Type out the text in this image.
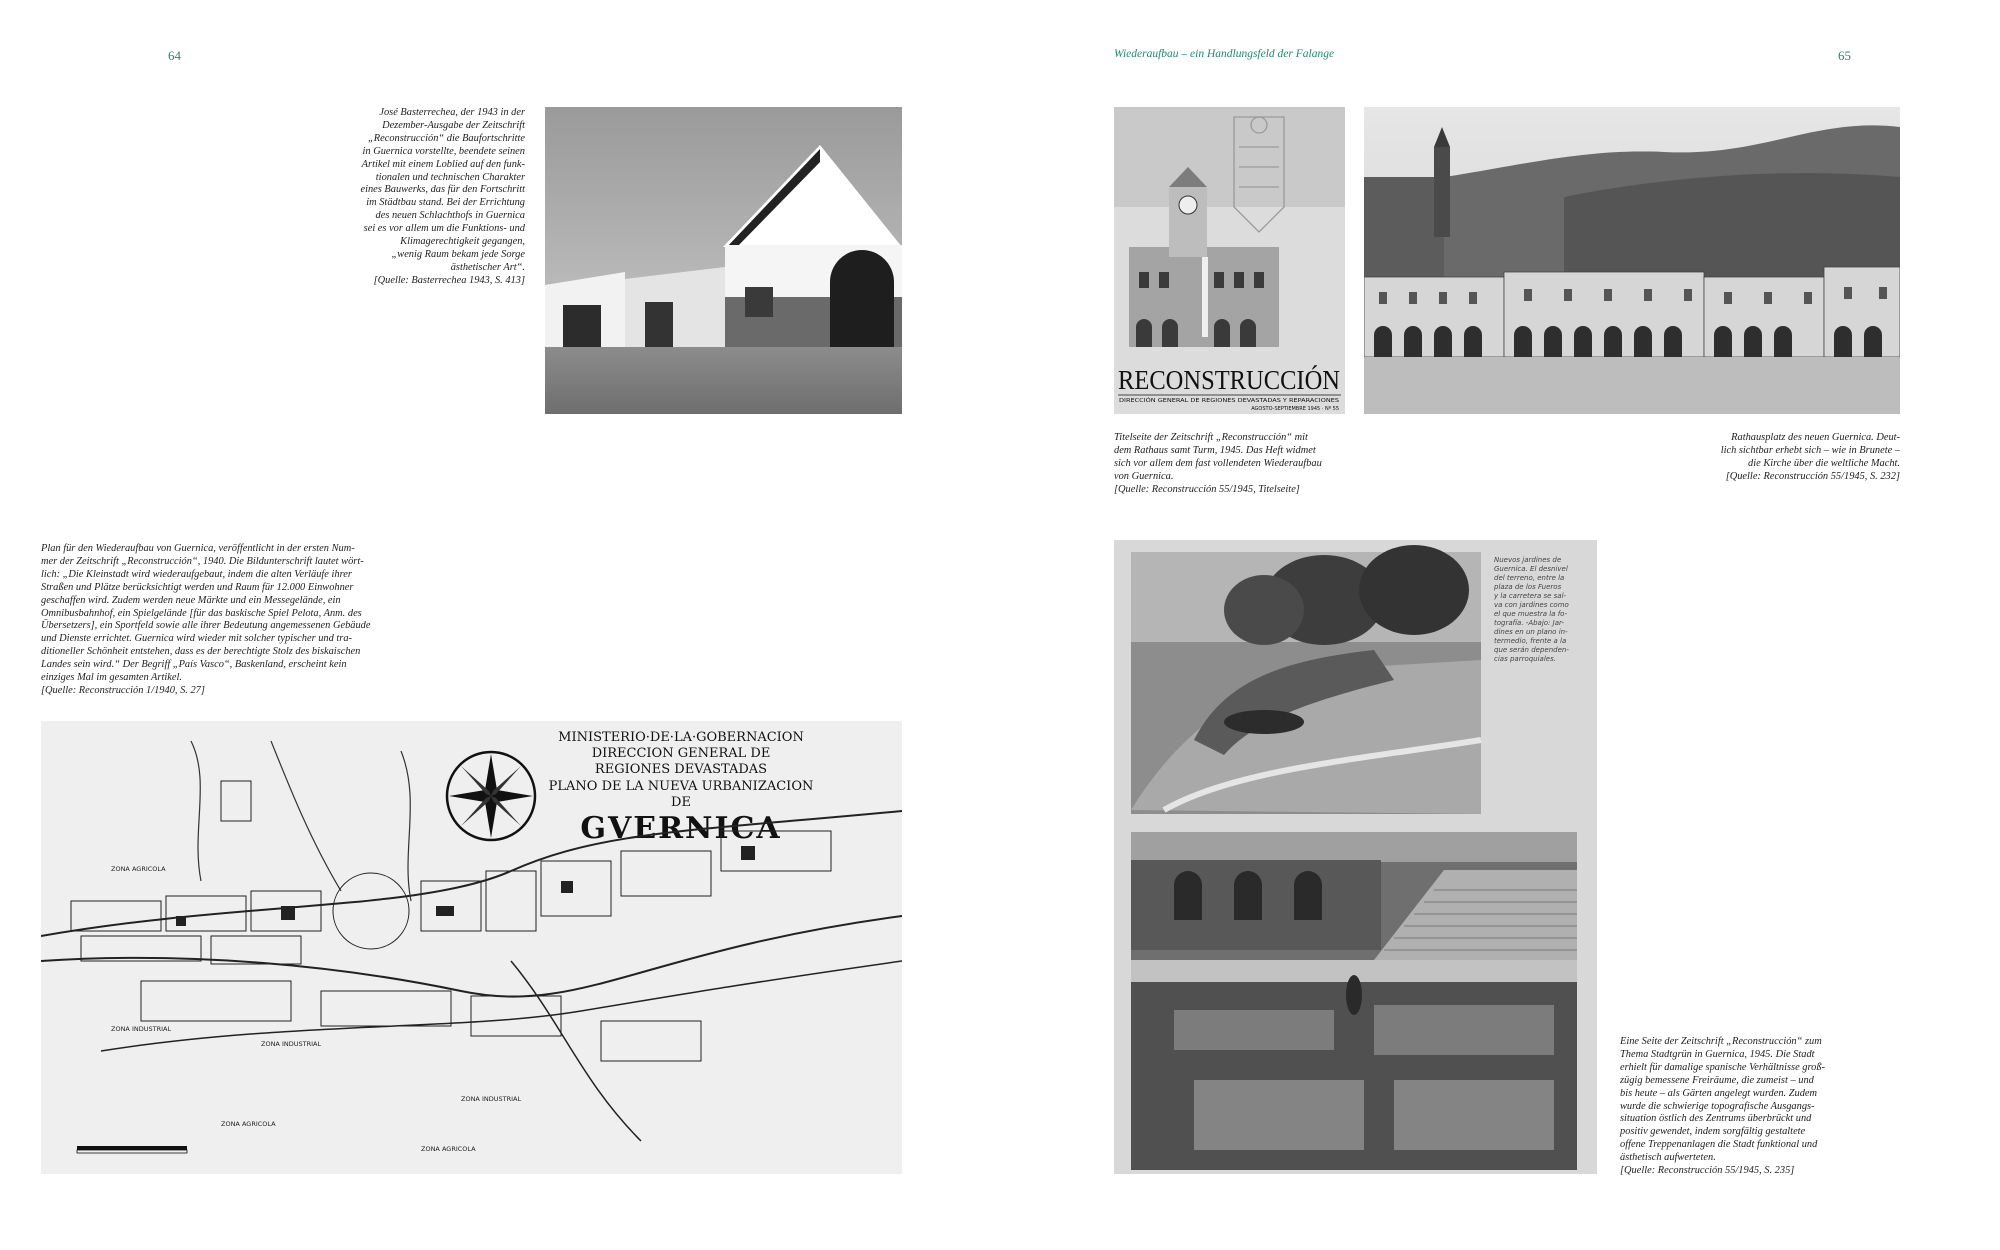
64	Wiederaufbau – ein Handlungsfeld der Falange	65
José Basterrechea, der 1943 in der
Dezember-Ausgabe der Zeitschrift
„Reconstrucción“ die Baufortschritte
in Guernica vorstellte, beendete seinen
Artikel mit einem Loblied auf den funk-
tionalen und technischen Charakter
eines Bauwerks, das für den Fortschritt
im Städtbau stand. Bei der Errichtung
des neuen Schlachthofs in Guernica
sei es vor allem um die Funktions- und
Klimagerechtigkeit gegangen,
„wenig Raum bekam jede Sorge
ästhetischer Art“.

[Quelle: Basterrechea 1943, S. 413]
Plan für den Wiederaufbau von Guernica, veröffentlicht in der ersten Num-
mer der Zeitschrift „Reconstrucción“, 1940. Die Bildunterschrift lautet wört-
lich: „Die Kleinstadt wird wiederaufgebaut, indem die alten Verläufe ihrer
Straßen und Plätze berücksichtigt werden und Raum für 12.000 Einwohner
geschaffen wird. Zudem werden neue Märkte und ein Messegelände, ein
Omnibusbahnhof, ein Spielgelände [für das baskische Spiel Pelota, Anm. des
Übersetzers], ein Sportfeld sowie alle ihrer Bedeutung angemessenen Gebäude
und Dienste errichtet. Guernica wird wieder mit solcher typischer und tra-
ditioneller Schönheit entstehen, dass es der berechtigte Stolz des biskaischen
Landes sein wird.“ Der Begriff „País Vasco“, Baskenland, erscheint kein
einziges Mal im gesamten Artikel.

[Quelle: Reconstrucción 1/1940, S. 27]
MINISTERIO·DE·LA·GOBERNACION
DIRECCION GENERAL DE
REGIONES DEVASTADAS
PLANO DE LA NUEVA URBANIZACION
DE
GVERNICA
ZONA AGRICOLA
ZONA INDUSTRIAL
ZONA INDUSTRIAL
ZONA INDUSTRIAL
ZONA AGRICOLA
ZONA AGRICOLA
RECONSTRUCCIÓN
DIRECCIÓN GENERAL DE REGIONES DEVASTADAS Y REPARACIONES
AGOSTO-SEPTIEMBRE 1945 · Nº 55
Titelseite der Zeitschrift „Reconstrucción“ mit
dem Rathaus samt Turm, 1945. Das Heft widmet
sich vor allem dem fast vollendeten Wiederaufbau
von Guernica.

[Quelle: Reconstrucción 55/1945, Titelseite]
Rathausplatz des neuen Guernica. Deut-
lich sichtbar erhebt sich – wie in Brunete –
die Kirche über die weltliche Macht.

[Quelle: Reconstrucción 55/1945, S. 232]
Nuevos jardines de
Guernica. El desnivel
del terreno, entre la
plaza de los Fueros
y la carretera se sal-
va con jardines como
el que muestra la fo-
tografía. -Abajo: Jar-
dines en un plano in-
termedio, frente a la
que serán dependen-
cias parroquiales.
Eine Seite der Zeitschrift „Reconstrucción“ zum
Thema Stadtgrün in Guernica, 1945. Die Stadt
erhielt für damalige spanische Verhältnisse groß-
zügig bemessene Freiräume, die zumeist – und
bis heute – als Gärten angelegt wurden. Zudem
wurde die schwierige topografische Ausgangs-
situation östlich des Zentrums überbrückt und
positiv gewendet, indem sorgfältig gestaltete
offene Treppenanlagen die Stadt funktional und
ästhetisch aufwerteten.

[Quelle: Reconstrucción 55/1945, S. 235]
